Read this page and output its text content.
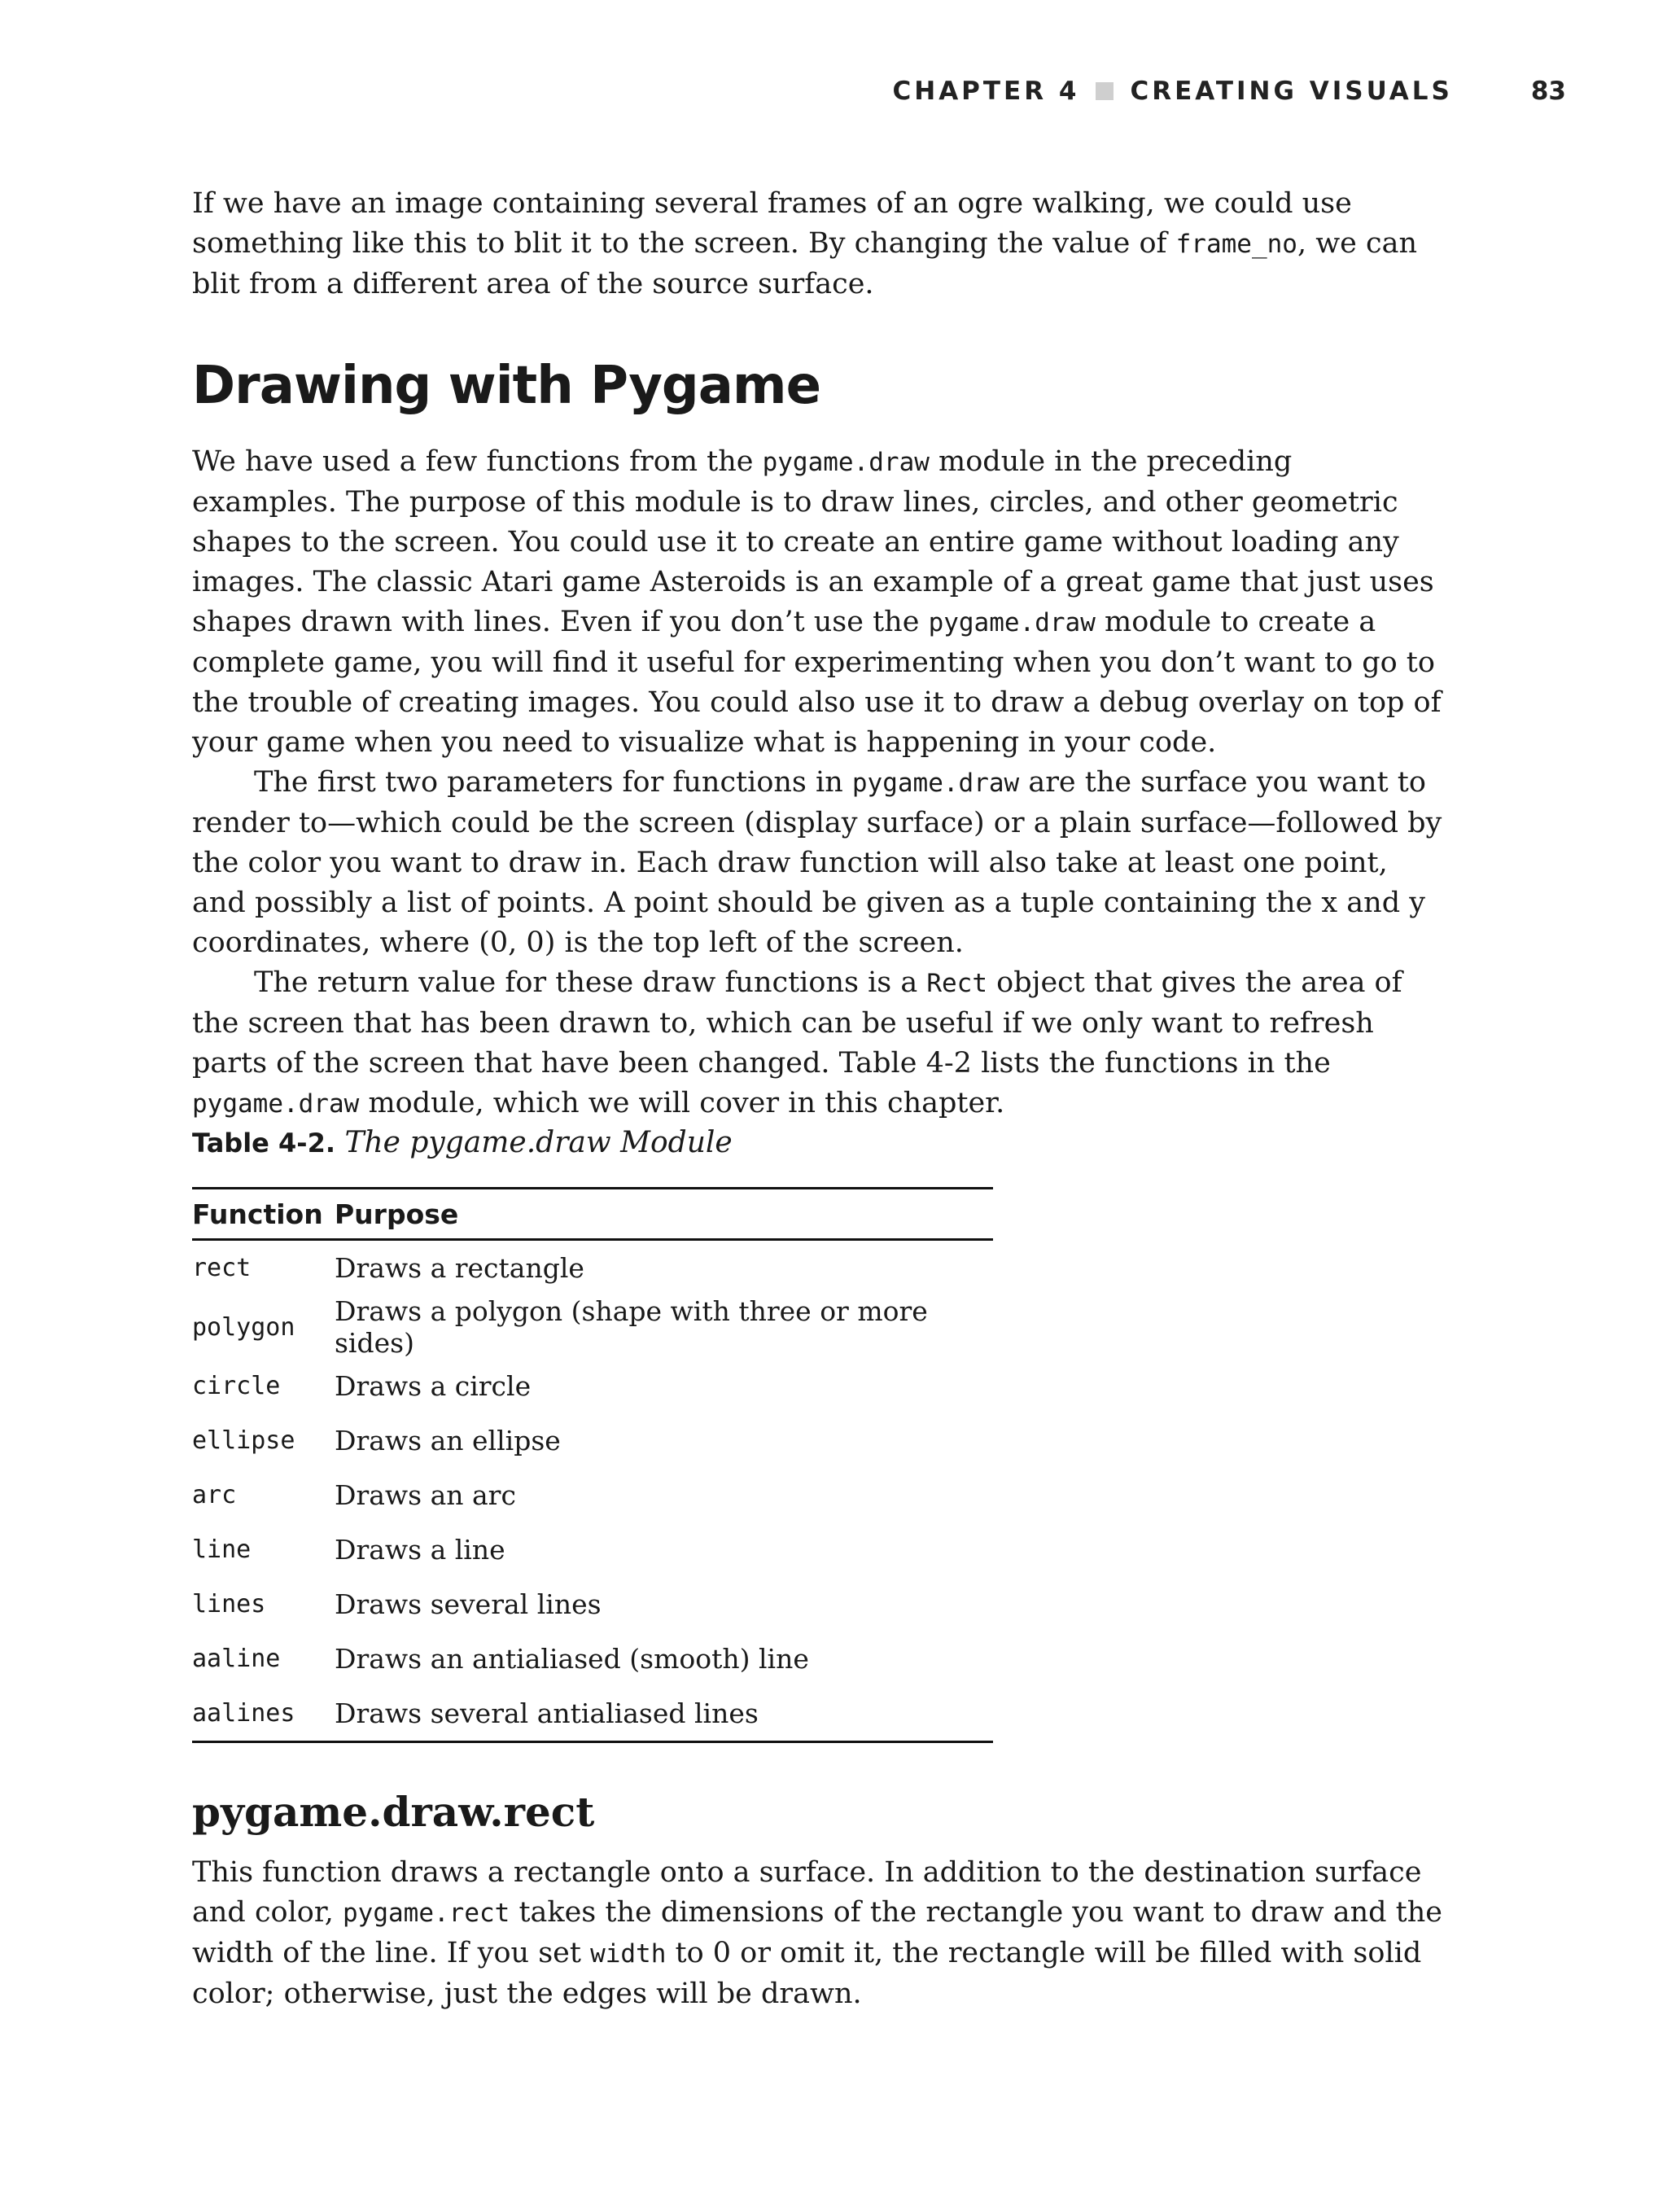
CHAPTER 4 CREATING VISUALS	83

If we have an image containing several frames of an ogre walking, we could use something like this to blit it to the screen. By changing the value of frame_no, we can blit from a different area of the source surface.

Drawing with Pygame

We have used a few functions from the pygame.draw module in the preceding examples. The purpose of this module is to draw lines, circles, and other geometric shapes to the screen. You could use it to create an entire game without loading any images. The classic Atari game Asteroids is an example of a great game that just uses shapes drawn with lines. Even if you don’t use the pygame.draw module to create a complete game, you will find it useful for experimenting when you don’t want to go to the trouble of creating images. You could also use it to draw a debug overlay on top of your game when you need to visualize what is happening in your code.

The first two parameters for functions in pygame.draw are the surface you want to render to—which could be the screen (display surface) or a plain surface—followed by the color you want to draw in. Each draw function will also take at least one point, and possibly a list of points. A point should be given as a tuple containing the x and y coordinates, where (0, 0) is the top left of the screen.

The return value for these draw functions is a Rect object that gives the area of the screen that has been drawn to, which can be useful if we only want to refresh parts of the screen that have been changed. Table 4-2 lists the functions in the pygame.draw module, which we will cover in this chapter.

Table 4-2. The pygame.draw Module
Function	Purpose
rect	Draws a rectangle
polygon	Draws a polygon (shape with three or more sides)
circle	Draws a circle
ellipse	Draws an ellipse
arc	Draws an arc
line	Draws a line
lines	Draws several lines
aaline	Draws an antialiased (smooth) line
aalines	Draws several antialiased lines
pygame.draw.rect

This function draws a rectangle onto a surface. In addition to the destination surface and color, pygame.rect takes the dimensions of the rectangle you want to draw and the width of the line. If you set width to 0 or omit it, the rectangle will be filled with solid color; otherwise, just the edges will be drawn.
